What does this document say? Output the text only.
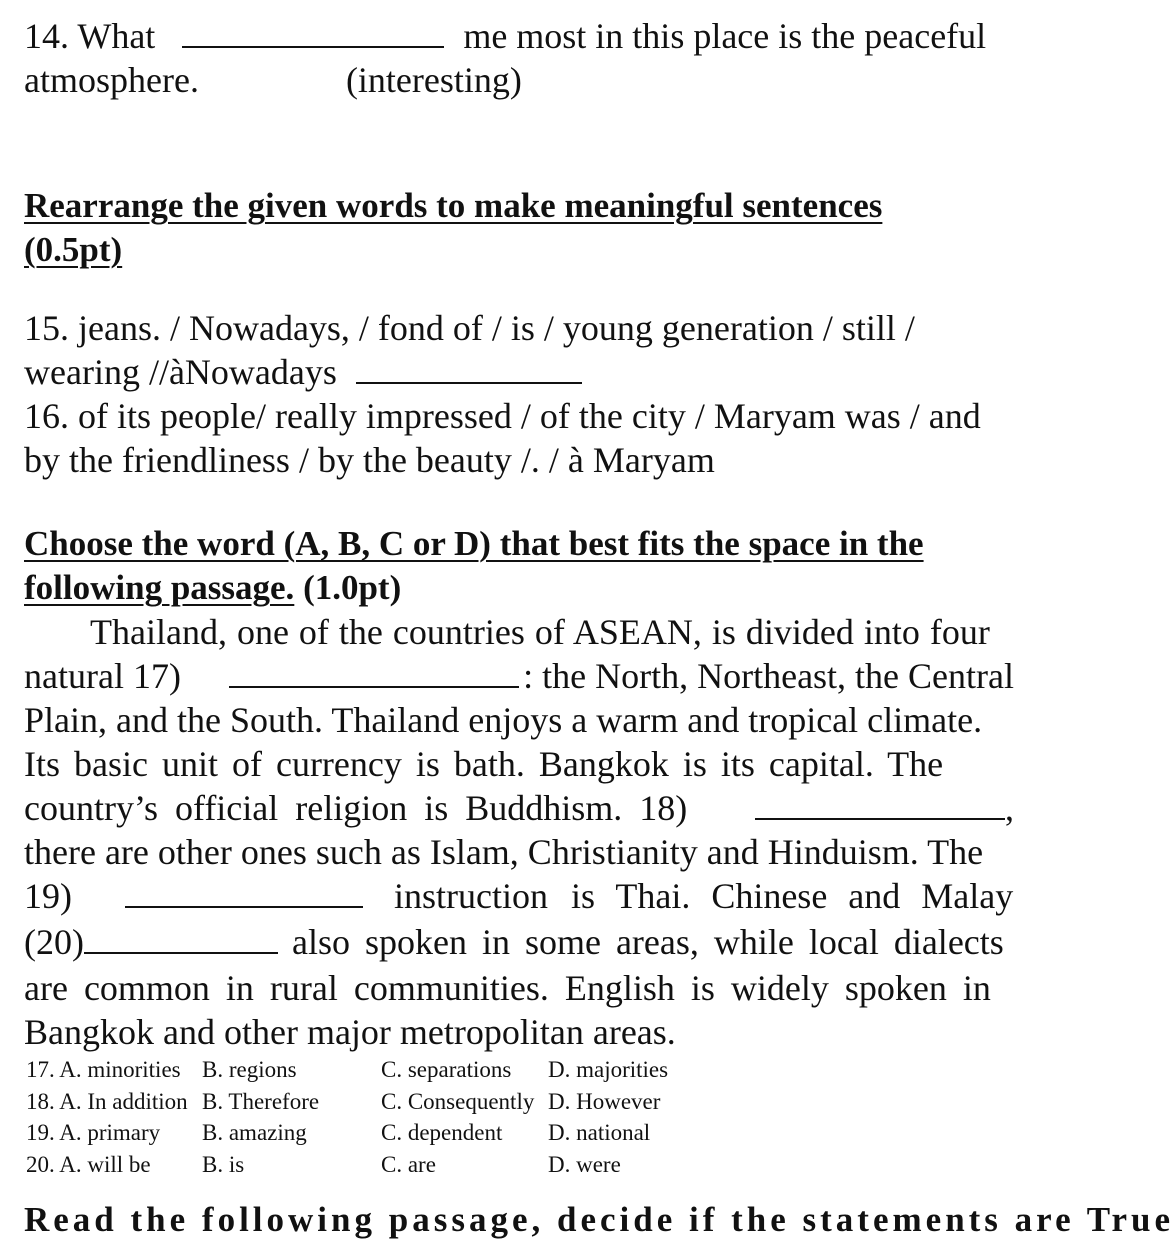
14. What	me most in this place is the peaceful
atmosphere.	(interesting)
Rearrange the given words to make meaningful sentences
(0.5pt)
15. jeans. / Nowadays, / fond of / is / young generation / still /
wearing //àNowadays
16. of its people/ really impressed / of the city / Maryam was / and
by the friendliness / by the beauty /. / à Maryam
Choose the word (A, B, C or D) that best fits the space in the
following passage. (1.0pt)
Thailand, one of the countries of ASEAN, is divided into four
natural 17)	: the North, Northeast, the Central
Plain, and the South. Thailand enjoys a warm and tropical climate.
Its basic unit of currency is bath. Bangkok is its capital. The
country’s official religion is Buddhism. 18)	,
there are other ones such as Islam, Christianity and Hinduism. The
19)	instruction is Thai. Chinese and Malay
(20)	also spoken in some areas, while local dialects
are common in rural communities. English is widely spoken in
Bangkok and other major metropolitan areas.
17. A. minorities B. regions	C. separations D. majorities
18. A. In addition B. Therefore	C. Consequently D. However
19. A. primary B. amazing	C. dependent D. national
20. A. will be B. is	C. are	D. were
Read the following passage, decide if the statements are True
